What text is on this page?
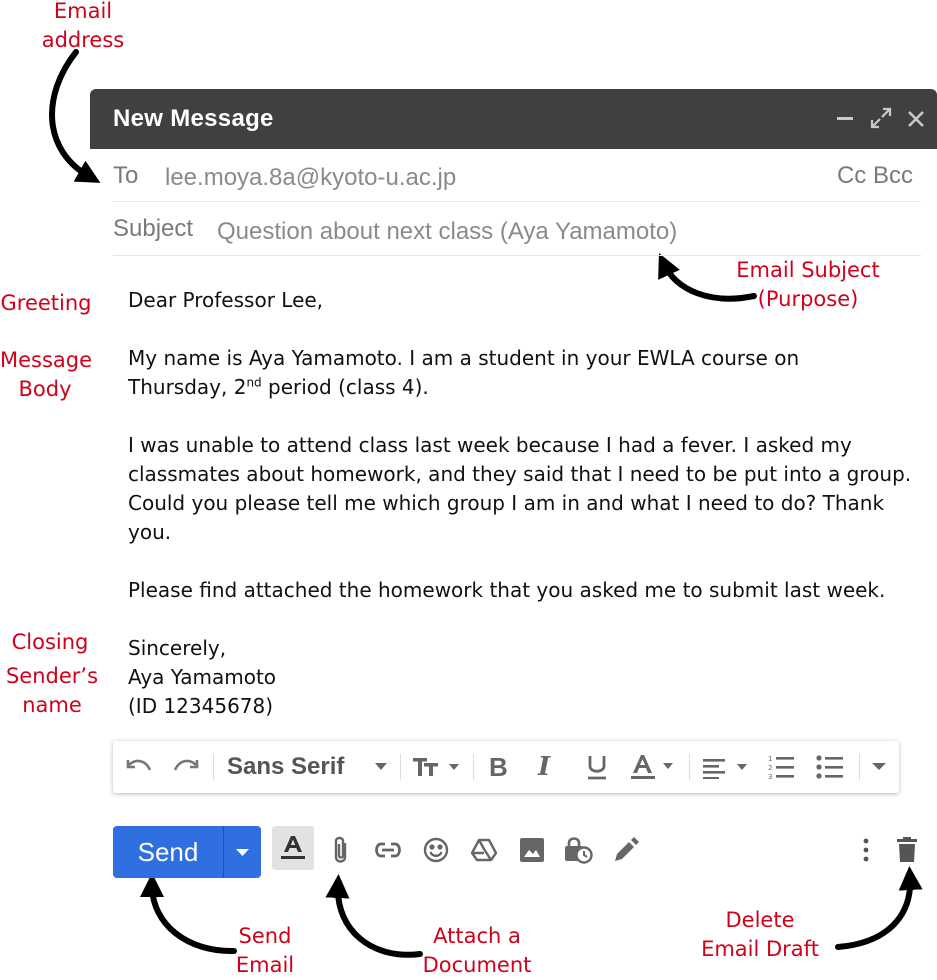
Email
address
Greeting
Message
Body
Email Subject
(Purpose)
Closing
Sender’s
name
Send
Email
Attach a
Document
Delete
Email Draft
New Message
To lee.moya.8a@kyoto-u.ac.jp	Cc Bcc
Subject Question about next class (Aya Yamamoto)
Dear Professor Lee,
My name is Aya Yamamoto. I am a student in your EWLA course on
Thursday, 2nd period (class 4).
I was unable to attend class last week because I had a fever. I asked my
classmates about homework, and they said that I need to be put into a group.
Could you please tell me which group I am in and what I need to do? Thank
you.
Please find attached the homework that you asked me to submit last week.
Sincerely,
Aya Yamamoto
(ID 12345678)
Sans Serif	B I	1
2
3
Send
